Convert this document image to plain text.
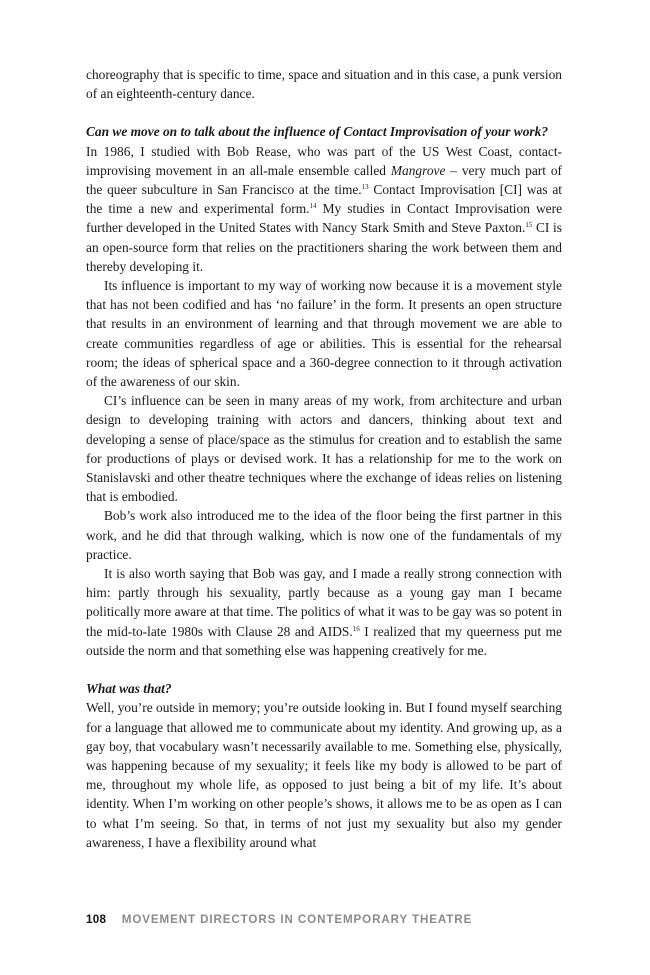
choreography that is specific to time, space and situation and in this case, a punk version of an eighteenth-century dance.

Can we move on to talk about the influence of Contact Improvisation of your work?

In 1986, I studied with Bob Rease, who was part of the US West Coast, contact-improvising movement in an all-male ensemble called Mangrove – very much part of the queer subculture in San Francisco at the time.$^{13}$ Contact Improvisation [CI] was at the time a new and experimental form.$^{14}$ My studies in Contact Improvisation were further developed in the United States with Nancy Stark Smith and Steve Paxton.$^{15}$ CI is an open-source form that relies on the practitioners sharing the work between them and thereby developing it.

Its influence is important to my way of working now because it is a movement style that has not been codified and has ‘no failure’ in the form. It presents an open structure that results in an environment of learning and that through movement we are able to create communities regardless of age or abilities. This is essential for the rehearsal room; the ideas of spherical space and a 360-degree connection to it through activation of the awareness of our skin.

CI’s influence can be seen in many areas of my work, from architecture and urban design to developing training with actors and dancers, thinking about text and developing a sense of place/space as the stimulus for creation and to establish the same for productions of plays or devised work. It has a relationship for me to the work on Stanislavski and other theatre techniques where the exchange of ideas relies on listening that is embodied.

Bob’s work also introduced me to the idea of the floor being the first partner in this work, and he did that through walking, which is now one of the fundamentals of my practice.

It is also worth saying that Bob was gay, and I made a really strong connection with him: partly through his sexuality, partly because as a young gay man I became politically more aware at that time. The politics of what it was to be gay was so potent in the mid-to-late 1980s with Clause 28 and AIDS.$^{16}$ I realized that my queerness put me outside the norm and that something else was happening creatively for me.

What was that?

Well, you’re outside in memory; you’re outside looking in. But I found myself searching for a language that allowed me to communicate about my identity. And growing up, as a gay boy, that vocabulary wasn’t necessarily available to me. Something else, physically, was happening because of my sexuality; it feels like my body is allowed to be part of me, throughout my whole life, as opposed to just being a bit of my life. It’s about identity. When I’m working on other people’s shows, it allows me to be as open as I can to what I’m seeing. So that, in terms of not just my sexuality but also my gender awareness, I have a flexibility around what

108 MOVEMENT DIRECTORS IN CONTEMPORARY THEATRE
